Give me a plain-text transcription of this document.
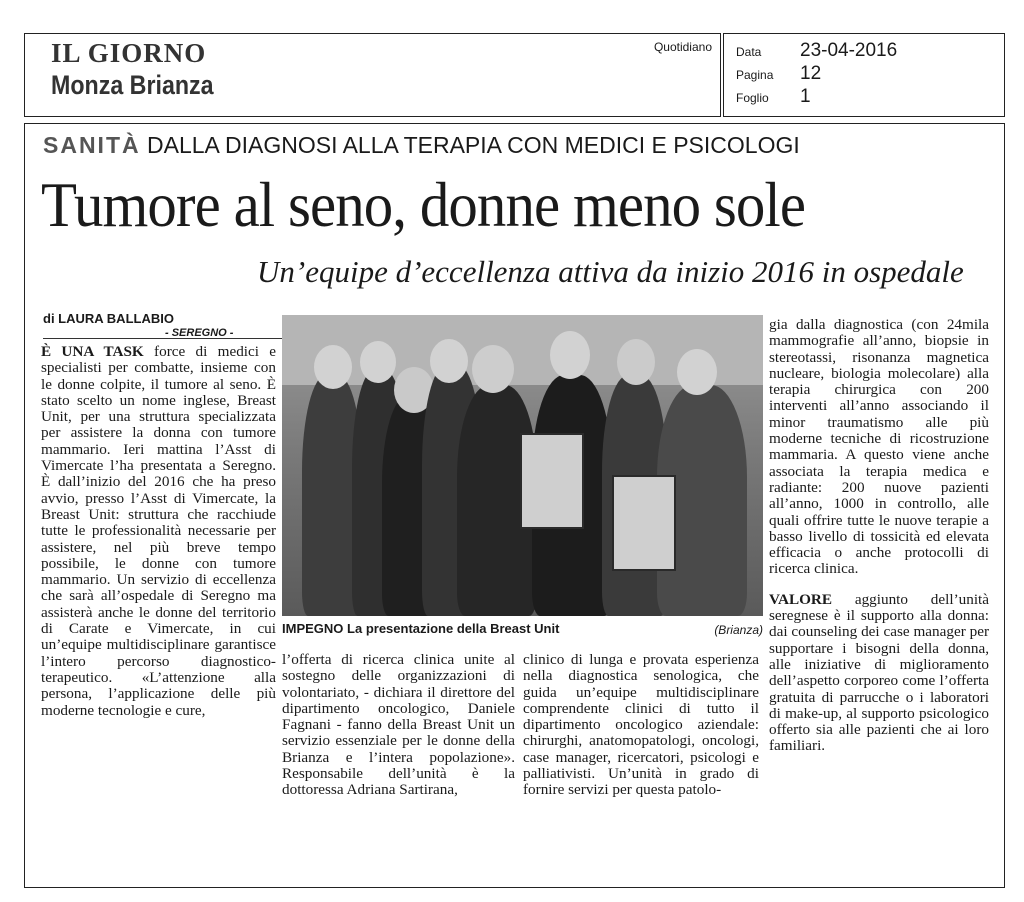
IL GIORNO
Monza Brianza
Quotidiano Data	23-04-2016
Pagina	12
Foglio	1
SANITÀ DALLA DIAGNOSI ALLA TERAPIA CON MEDICI E PSICOLOGI
Tumore al seno, donne meno sole
Un’equipe d’eccellenza attiva da inizio 2016 in ospedale
di LAURA BALLABIO
- SEREGNO -

È UNA TASK force di medici e specialisti per combatte, insieme con le donne colpite, il tumore al seno. È stato scelto un nome inglese, Breast Unit, per una struttura specializzata per assistere la donna con tumore mammario. Ieri mattina l’Asst di Vimercate l’ha presentata a Seregno. È dall’inizio del 2016 che ha preso avvio, presso l’Asst di Vimercate, la Breast Unit: struttura che racchiude tutte le professionalità necessarie per assistere, nel più breve tempo possibile, le donne con tumore mammario. Un servizio di eccellenza che sarà all’ospedale di Seregno ma assisterà anche le donne del territorio di Carate e Vimercate, in cui un’equipe multidisciplinare garantisce l’intero percorso diagnostico-terapeutico. «L’attenzione alla persona, l’applicazione delle più moderne tecnologie e cure,

IMPEGNO La presentazione della Breast Unit	(Brianza)

l’offerta di ricerca clinica unite al sostegno delle organizzazioni di volontariato, - dichiara il direttore del dipartimento oncologico, Daniele Fagnani - fanno della Breast Unit un servizio essenziale per le donne della Brianza e l’intera popolazione». Responsabile dell’unità è la dottoressa Adriana Sartirana,

clinico di lunga e provata esperienza nella diagnostica senologica, che guida un’equipe multidisciplinare comprendente clinici di tutto il dipartimento oncologico aziendale: chirurghi, anatomopatologi, oncologi, case manager, ricercatori, psicologi e palliativisti. Un’unità in grado di fornire servizi per questa patolo-

gia dalla diagnostica (con 24mila mammografie all’anno, biopsie in stereotassi, risonanza magnetica nucleare, biologia molecolare) alla terapia chirurgica con 200 interventi all’anno associando il minor traumatismo alle più moderne tecniche di ricostruzione mammaria. A questo viene anche associata la terapia medica e radiante: 200 nuove pazienti all’anno, 1000 in controllo, alle quali offrire tutte le nuove terapie a basso livello di tossicità ed elevata efficacia o anche protocolli di ricerca clinica.

VALORE aggiunto dell’unità seregnese è il supporto alla donna: dai counseling dei case manager per supportare i bisogni della donna, alle iniziative di miglioramento dell’aspetto corporeo come l’offerta gratuita di parrucche o i laboratori di make-up, al supporto psicologico offerto sia alle pazienti che ai loro familiari.
